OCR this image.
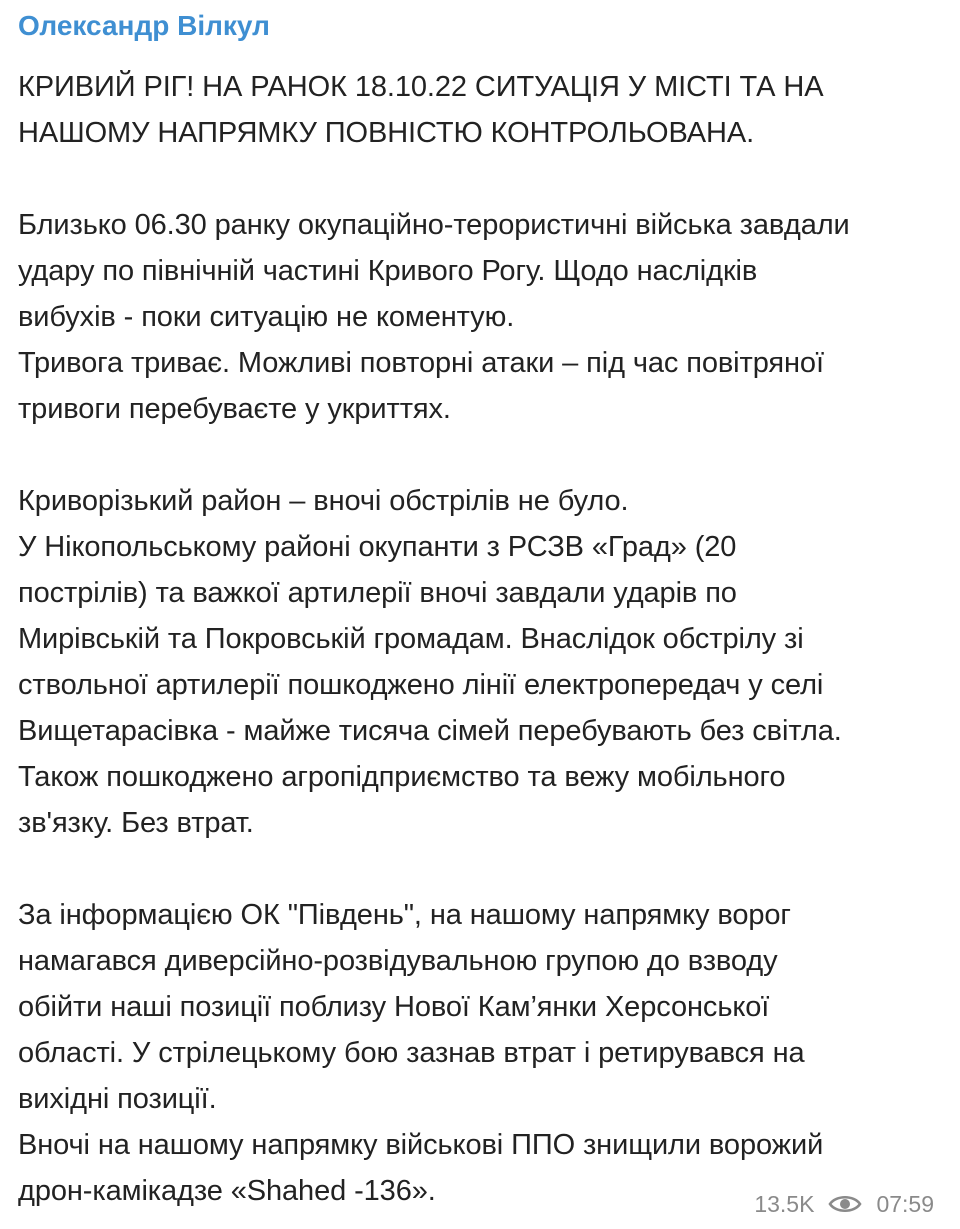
Олександр Вілкул
КРИВИЙ РІГ! НА РАНОК 18.10.22 СИТУАЦІЯ У МІСТІ ТА НА
НАШОМУ НАПРЯМКУ ПОВНІСТЮ КОНТРОЛЬОВАНА.
Близько 06.30 ранку окупаційно-терористичні війська завдали
удару по північній частині Кривого Рогу. Щодо наслідків
вибухів - поки ситуацію не коментую.
Тривога триває. Можливі повторні атаки – під час повітряної
тривоги перебуваєте у укриттях.
Криворізький район – вночі обстрілів не було.
У Нікопольському районі окупанти з РСЗВ «Град» (20
пострілів) та важкої артилерії вночі завдали ударів по
Мирівській та Покровській громадам. Внаслідок обстрілу зі
ствольної артилерії пошкоджено лінії електропередач у селі
Вищетарасівка - майже тисяча сімей перебувають без світла.
Також пошкоджено агропідприємство та вежу мобільного
зв'язку. Без втрат.
За інформацією ОК "Південь", на нашому напрямку ворог
намагався диверсійно-розвідувальною групою до взводу
обійти наші позиції поблизу Нової Кам’янки Херсонської
області. У стрілецькому бою зазнав втрат і ретирувався на
вихідні позиції.
Вночі на нашому напрямку військові ППО знищили ворожий
дрон-камікадзе «Shahed -136».	13.5K	07:59
